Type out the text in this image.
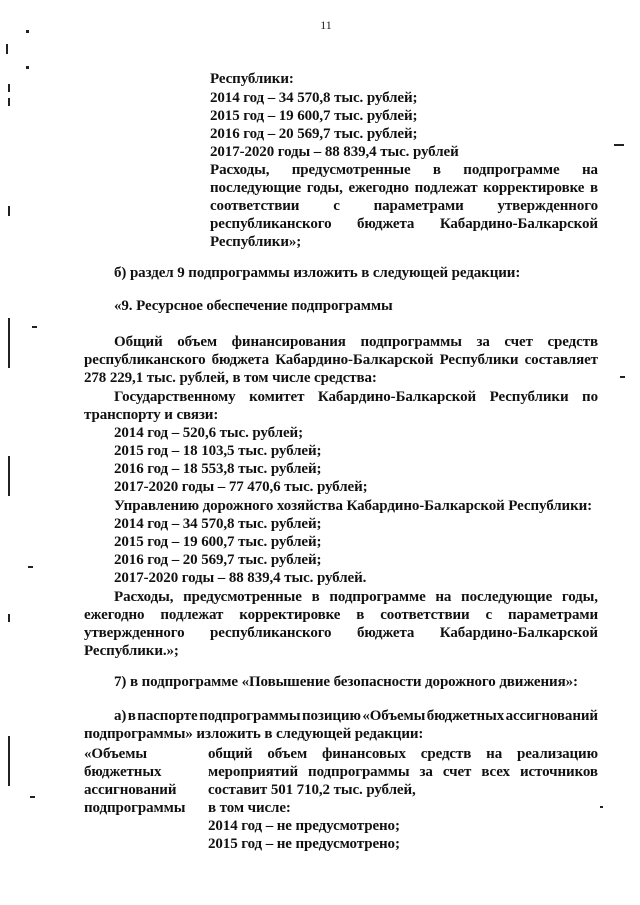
11
Республики:
2014 год – 34 570,8 тыс. рублей;
2015 год – 19 600,7 тыс. рублей;
2016 год – 20 569,7 тыс. рублей;
2017-2020 годы – 88 839,4 тыс. рублей
Расходы, предусмотренные в подпрограмме на
последующие годы, ежегодно подлежат корректировке в
соответствии с параметрами утвержденного
республиканского бюджета Кабардино-Балкарской
Республики»;
б) раздел 9 подпрограммы изложить в следующей редакции:
«9. Ресурсное обеспечение подпрограммы
Общий объем финансирования подпрограммы за счет средств
республиканского бюджета Кабардино-Балкарской Республики составляет
278 229,1 тыс. рублей, в том числе средства:
Государственному комитет Кабардино-Балкарской Республики по
транспорту и связи:
2014 год – 520,6 тыс. рублей;
2015 год – 18 103,5 тыс. рублей;
2016 год – 18 553,8 тыс. рублей;
2017-2020 годы – 77 470,6 тыс. рублей;
Управлению дорожного хозяйства Кабардино-Балкарской Республики:
2014 год – 34 570,8 тыс. рублей;
2015 год – 19 600,7 тыс. рублей;
2016 год – 20 569,7 тыс. рублей;
2017-2020 годы – 88 839,4 тыс. рублей.
Расходы, предусмотренные в подпрограмме на последующие годы,
ежегодно подлежат корректировке в соответствии с параметрами
утвержденного республиканского бюджета Кабардино-Балкарской
Республики.»;
7) в подпрограмме «Повышение безопасности дорожного движения»:
а) в паспорте подпрограммы позицию «Объемы бюджетных ассигнований
подпрограммы» изложить в следующей редакции:
«Объемы
бюджетных
ассигнований
подпрограммы
общий объем финансовых средств на реализацию
мероприятий подпрограммы за счет всех источников
составит 501 710,2 тыс. рублей,
в том числе:
2014 год – не предусмотрено;
2015 год – не предусмотрено;
